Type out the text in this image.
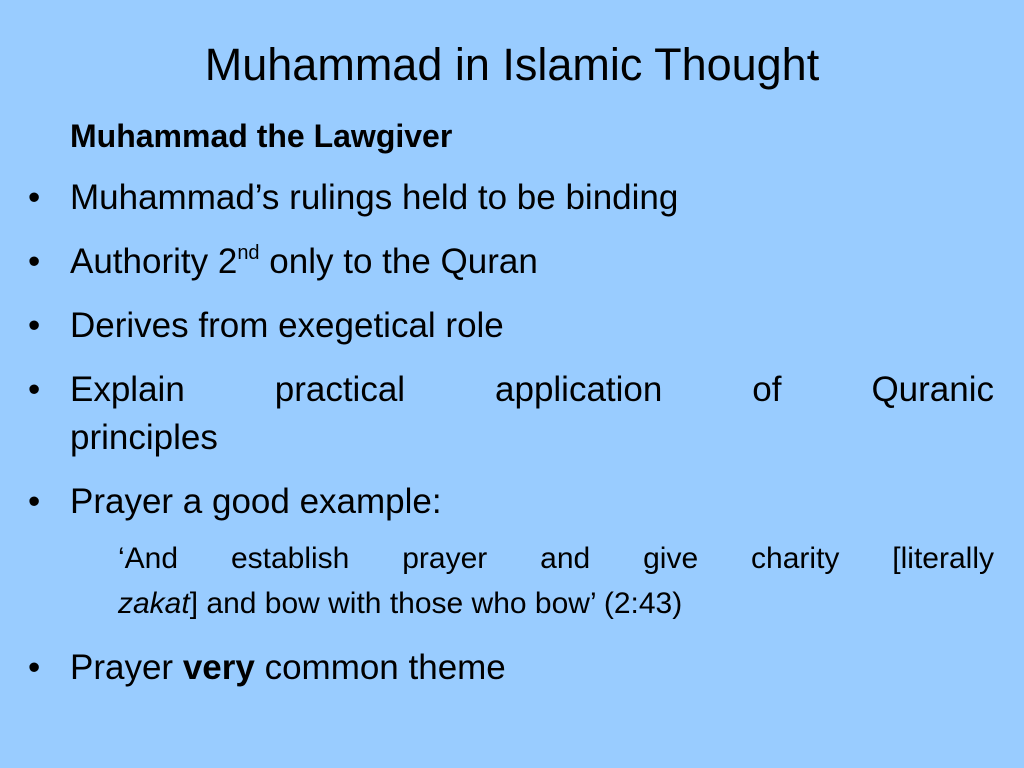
Muhammad in Islamic Thought
Muhammad the Lawgiver
• Muhammad’s rulings held to be binding
• Authority 2nd only to the Quran
• Derives from exegetical role
• Explain practical application of Quranic
principles
• Prayer a good example:
‘And establish prayer and give charity [literally
zakat] and bow with those who bow’ (2:43)
• Prayer very common theme
